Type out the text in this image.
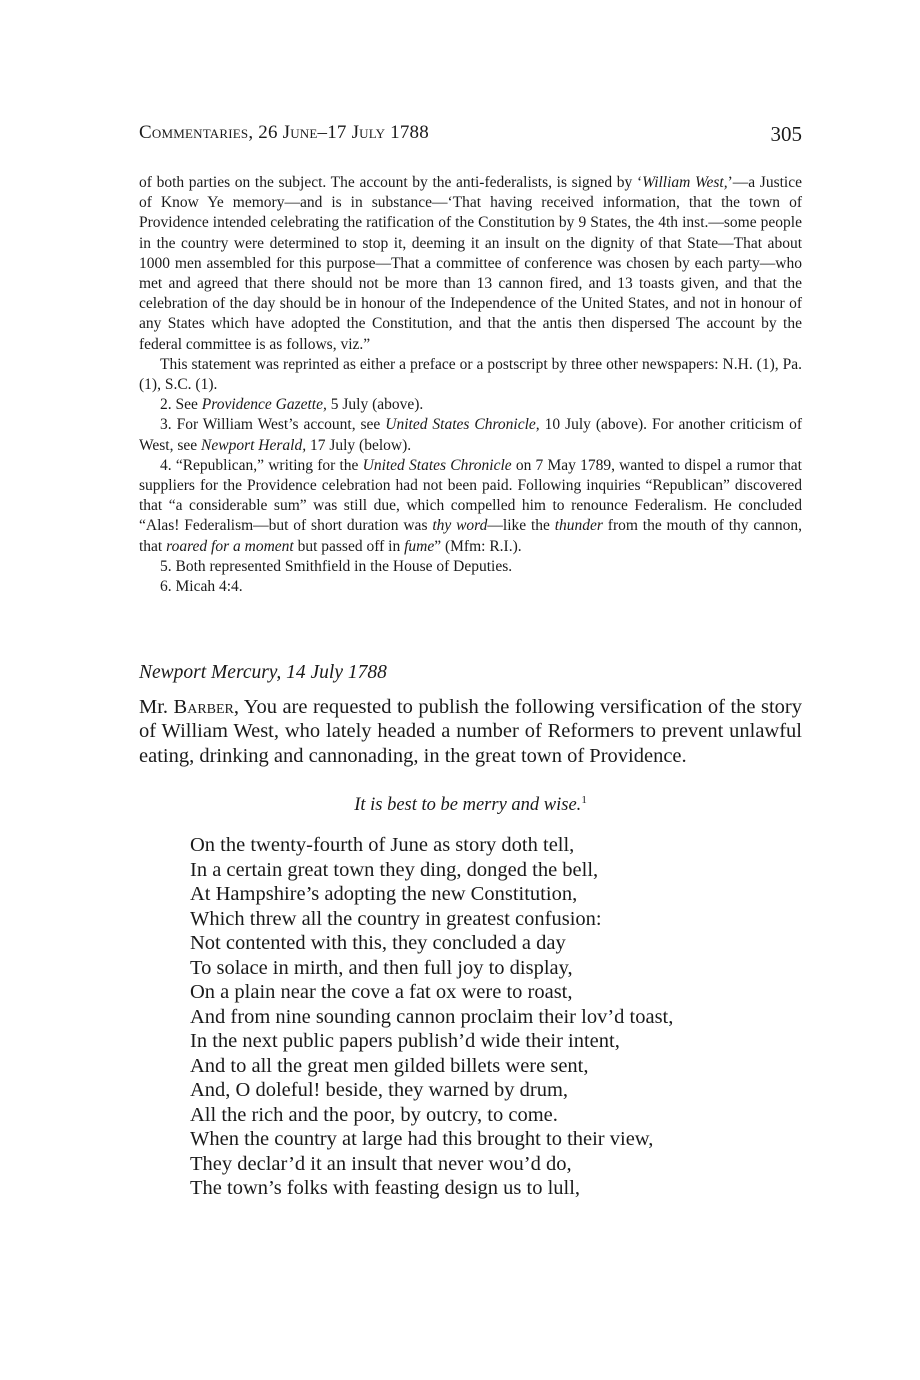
Commentaries, 26 June–17 July 1788	305

of both parties on the subject. The account by the anti-federalists, is signed by ‘William West,’—a Justice of Know Ye memory—and is in substance—‘That having received information, that the town of Providence intended celebrating the ratification of the Constitution by 9 States, the 4th inst.—some people in the country were determined to stop it, deeming it an insult on the dignity of that State—That about 1000 men assembled for this purpose—That a committee of conference was chosen by each party—who met and agreed that there should not be more than 13 cannon fired, and 13 toasts given, and that the celebration of the day should be in honour of the Independence of the United States, and not in honour of any States which have adopted the Constitution, and that the antis then dispersed The account by the federal committee is as follows, viz.”

This statement was reprinted as either a preface or a postscript by three other newspapers: N.H. (1), Pa. (1), S.C. (1).

2. See Providence Gazette, 5 July (above).

3. For William West’s account, see United States Chronicle, 10 July (above). For another criticism of West, see Newport Herald, 17 July (below).

4. “Republican,” writing for the United States Chronicle on 7 May 1789, wanted to dispel a rumor that suppliers for the Providence celebration had not been paid. Following inquiries “Republican” discovered that “a considerable sum” was still due, which compelled him to renounce Federalism. He concluded “Alas! Federalism—but of short duration was thy word—like the thunder from the mouth of thy cannon, that roared for a moment but passed off in fume” (Mfm: R.I.).

5. Both represented Smithfield in the House of Deputies.

6. Micah 4:4.

Newport Mercury, 14 July 1788

Mr. Barber, You are requested to publish the following versification of the story of William West, who lately headed a number of Reformers to prevent unlawful eating, drinking and cannonading, in the great town of Providence.

It is best to be merry and wise.$^1$

On the twenty-fourth of June as story doth tell,
In a certain great town they ding, donged the bell,
At Hampshire’s adopting the new Constitution,
Which threw all the country in greatest confusion:
Not contented with this, they concluded a day
To solace in mirth, and then full joy to display,
On a plain near the cove a fat ox were to roast,
And from nine sounding cannon proclaim their lov’d toast,
In the next public papers publish’d wide their intent,
And to all the great men gilded billets were sent,
And, O doleful! beside, they warned by drum,
All the rich and the poor, by outcry, to come.
When the country at large had this brought to their view,
They declar’d it an insult that never wou’d do,
The town’s folks with feasting design us to lull,
